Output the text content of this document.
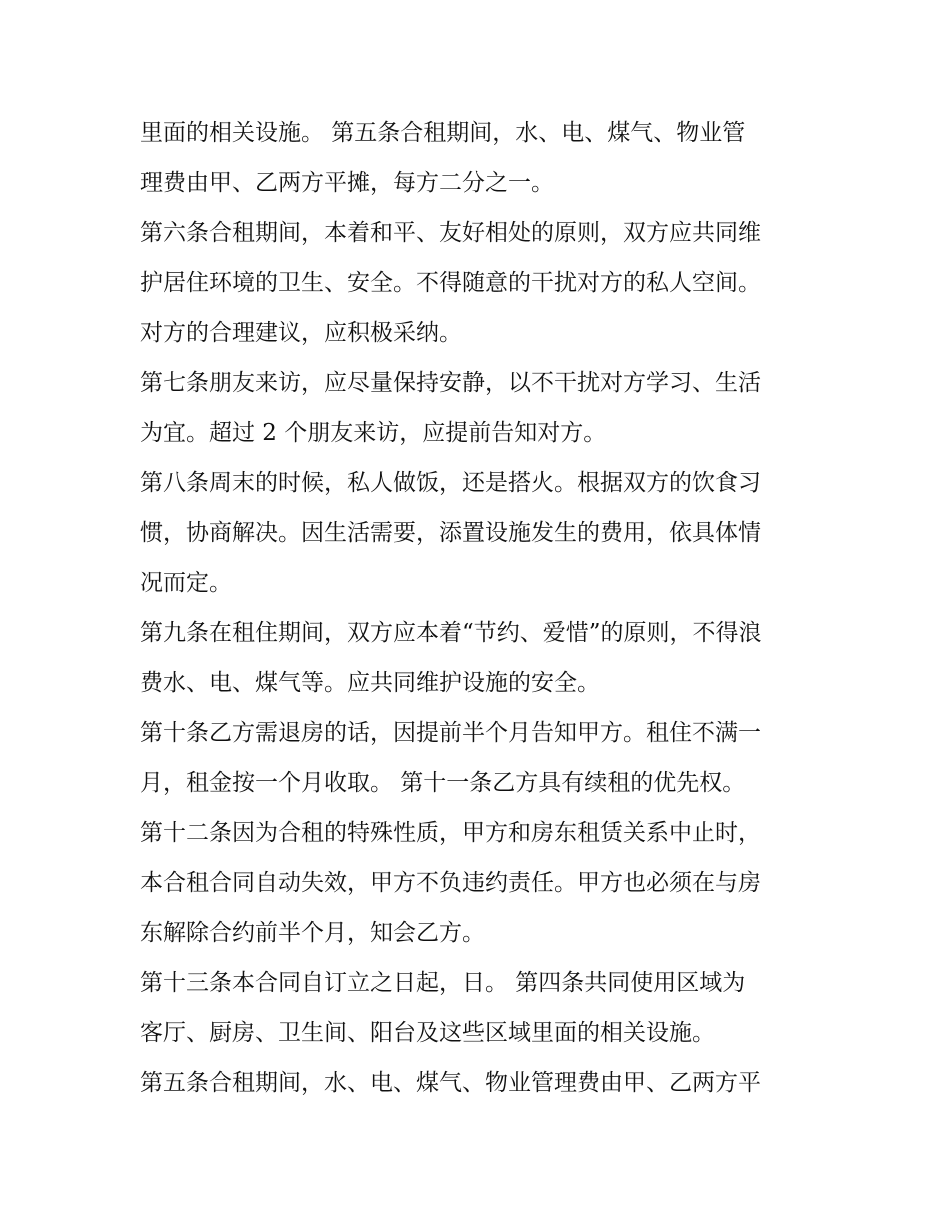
里面的相关设施。 第五条合租期间，水、电、煤气、物业管

理费由甲、乙两方平摊，每方二分之一。

第六条合租期间，本着和平、友好相处的原则，双方应共同维

护居住环境的卫生、安全。不得随意的干扰对方的私人空间。

对方的合理建议，应积极采纳。

第七条朋友来访，应尽量保持安静，以不干扰对方学习、生活

为宜。超过 2 个朋友来访，应提前告知对方。

第八条周末的时候，私人做饭，还是搭火。根据双方的饮食习

惯，协商解决。因生活需要，添置设施发生的费用，依具体情

况而定。

第九条在租住期间，双方应本着“节约、爱惜”的原则，不得浪

费水、电、煤气等。应共同维护设施的安全。

第十条乙方需退房的话，因提前半个月告知甲方。租住不满一

月，租金按一个月收取。 第十一条乙方具有续租的优先权。

第十二条因为合租的特殊性质，甲方和房东租赁关系中止时，

本合租合同自动失效，甲方不负违约责任。甲方也必须在与房

东解除合约前半个月，知会乙方。

第十三条本合同自订立之日起，日。 第四条共同使用区域为

客厅、厨房、卫生间、阳台及这些区域里面的相关设施。

第五条合租期间，水、电、煤气、物业管理费由甲、乙两方平
